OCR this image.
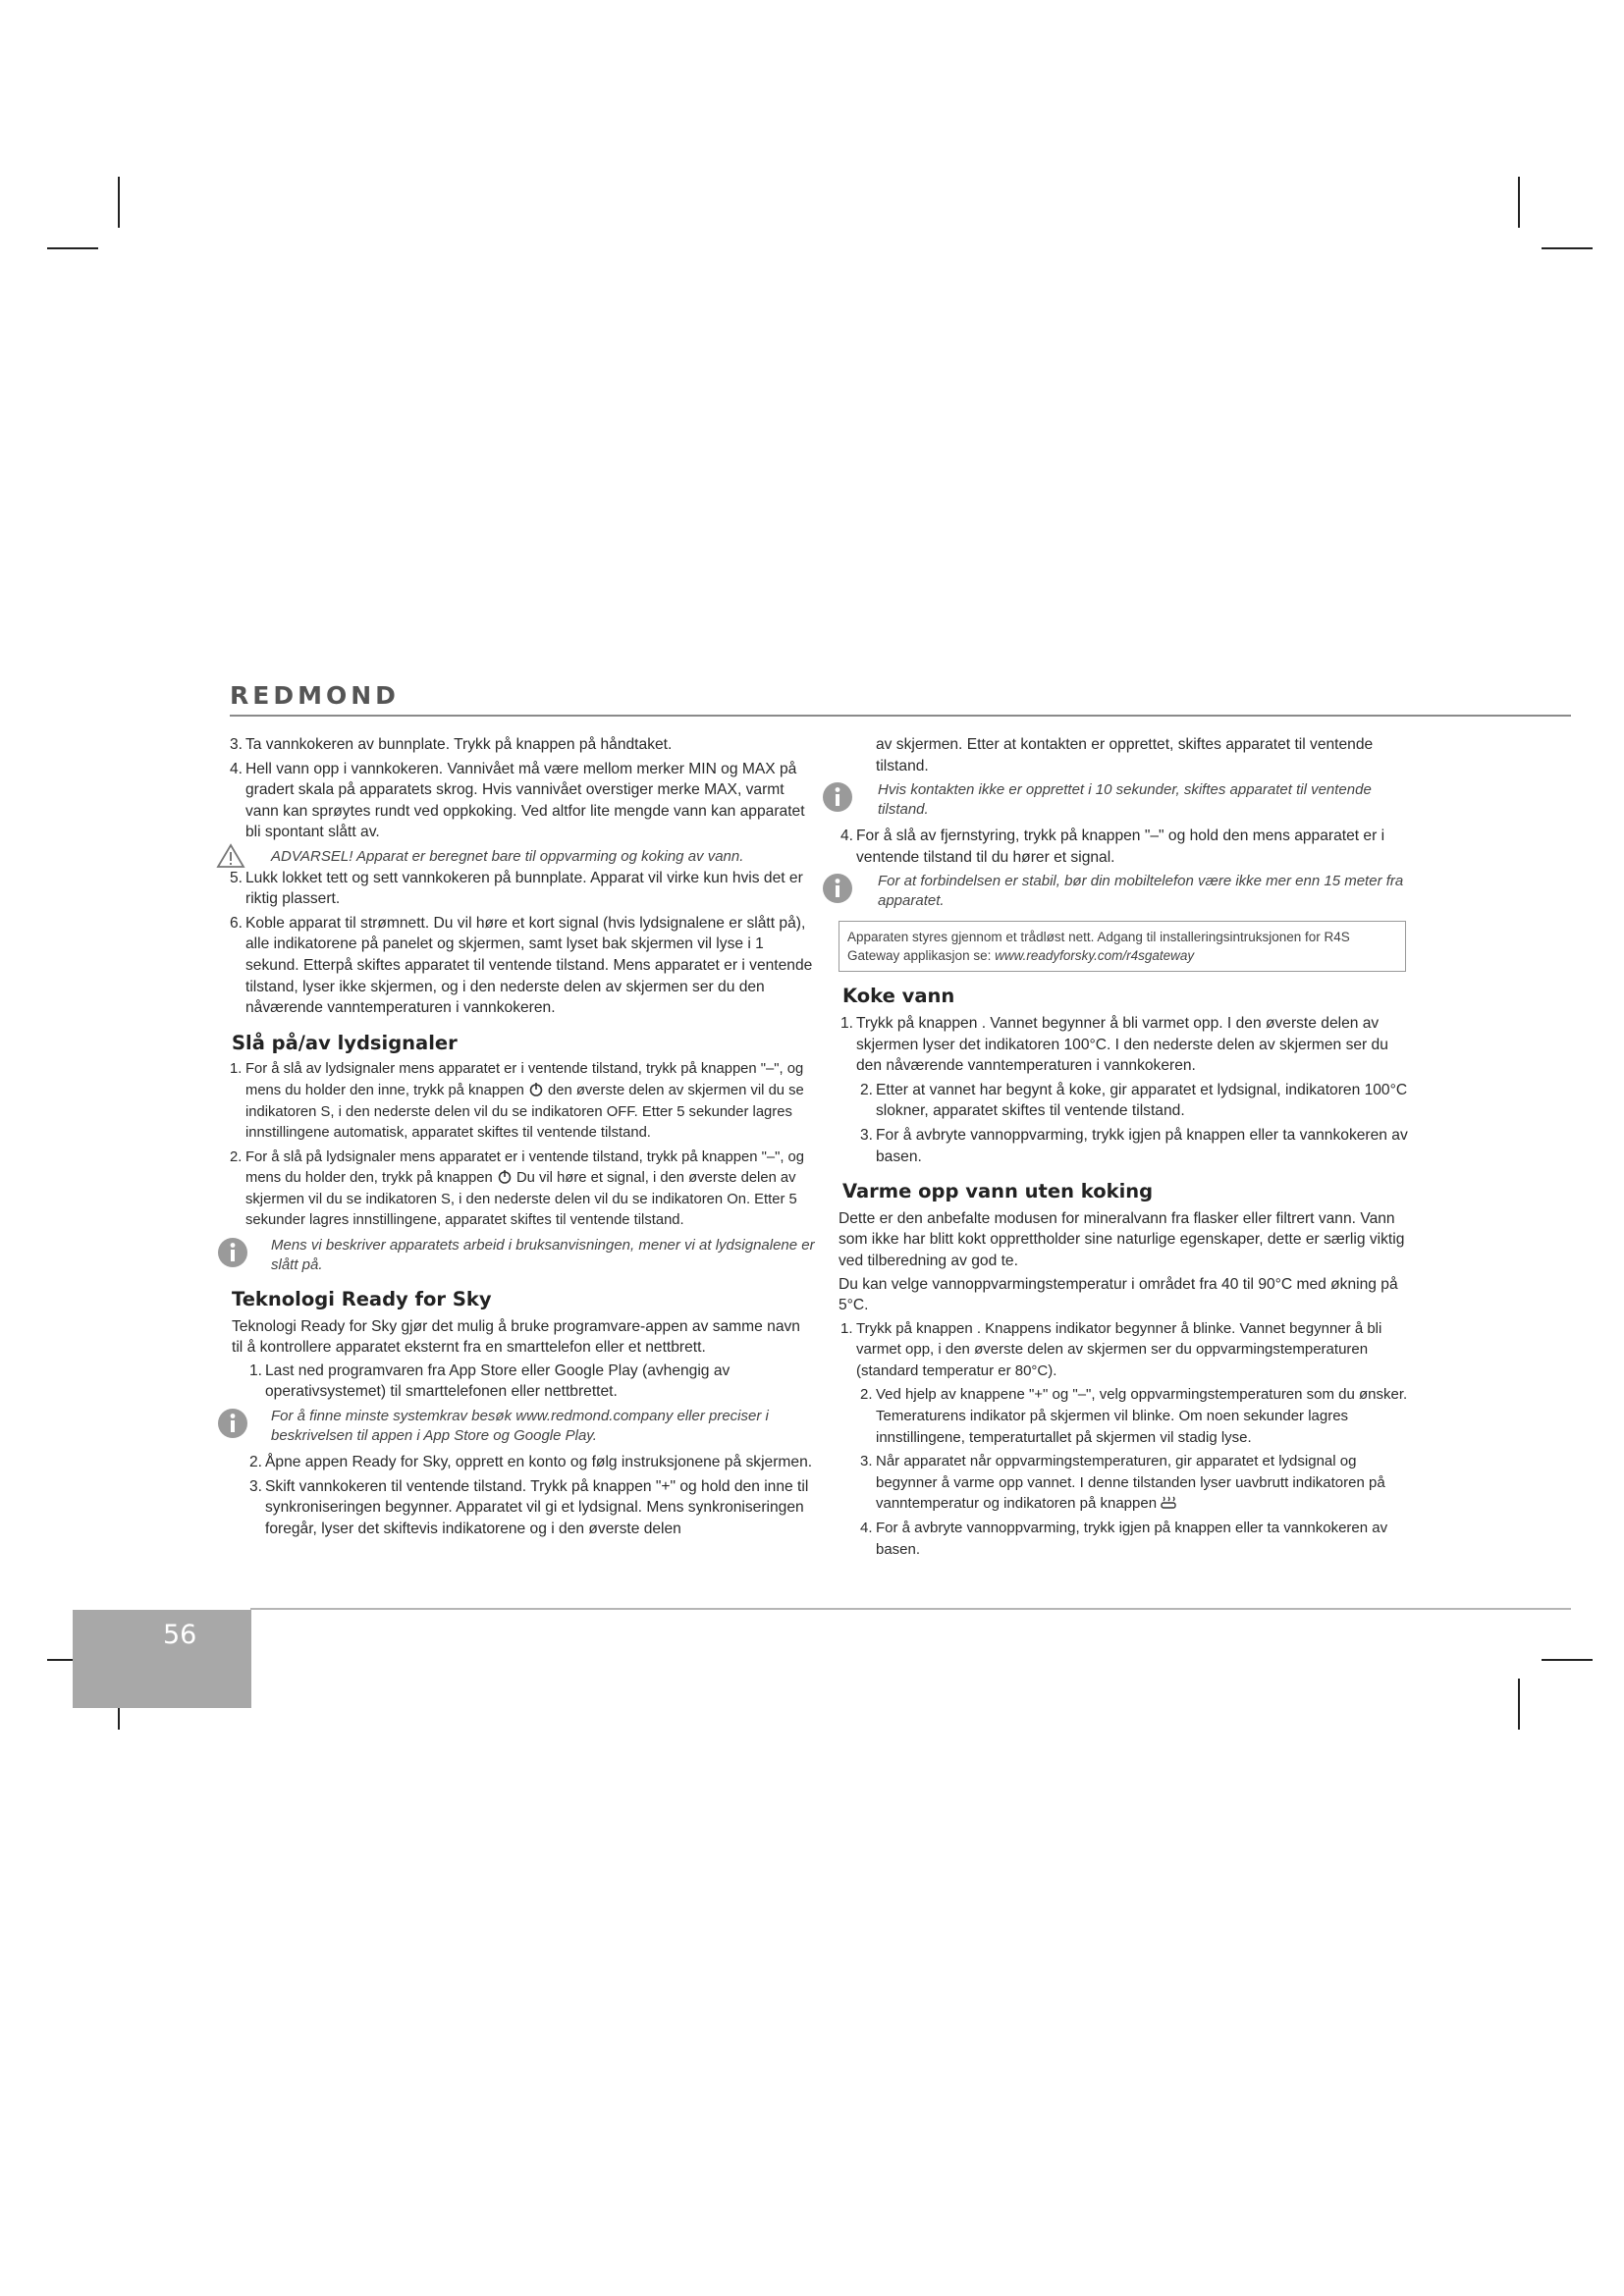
REDMOND
3. Ta vannkokeren av bunnplate. Trykk på knappen på håndtaket.
4. Hell vann opp i vannkokeren. Vannivået må være mellom merker MIN og MAX på gradert skala på apparatets skrog. Hvis vannivået overstiger merke MAX, varmt vann kan sprøytes rundt ved oppkoking. Ved altfor lite mengde vann kan apparatet bli spontant slått av.
ADVARSEL! Apparat er beregnet bare til oppvarming og koking av vann.
5. Lukk lokket tett og sett vannkokeren på bunnplate. Apparat vil virke kun hvis det er riktig plassert.
6. Koble apparat til strømnett. Du vil høre et kort signal (hvis lydsignalene er slått på), alle indikatorene på panelet og skjermen, samt lyset bak skjermen vil lyse i 1 sekund. Etterpå skiftes apparatet til ventende tilstand. Mens apparatet er i ventende tilstand, lyser ikke skjermen, og i den nederste delen av skjermen ser du den nåværende vanntemperaturen i vannkokeren.
Slå på/av lydsignaler
1. For å slå av lydsignaler mens apparatet er i ventende tilstand, trykk på knappen "–", og mens du holder den inne, trykk på knappen  den øverste delen av skjermen vil du se indikatoren S, i den nederste delen vil du se indikatoren OFF. Etter 5 sekunder lagres innstillingene automatisk, apparatet skiftes til ventende tilstand.
2. For å slå på lydsignaler mens apparatet er i ventende tilstand, trykk på knappen "–", og mens du holder den, trykk på knappen  Du vil høre et signal, i den øverste delen av skjermen vil du se indikatoren S, i den nederste delen vil du se indikatoren On. Etter 5 sekunder lagres innstillingene, apparatet skiftes til ventende tilstand.
Mens vi beskriver apparatets arbeid i bruksanvisningen, mener vi at lydsignalene er slått på.
Teknologi Ready for Sky
Teknologi Ready for Sky gjør det mulig å bruke programvare-appen av samme navn til å kontrollere apparatet eksternt fra en smarttelefon eller et nettbrett.
1. Last ned programvaren fra App Store eller Google Play (avhengig av operativsystemet) til smarttelefonen eller nettbrettet.
For å finne minste systemkrav besøk www.redmond.company eller preciser i beskrivelsen til appen i App Store og Google Play.
2. Åpne appen Ready for Sky, opprett en konto og følg instruksjonene på skjermen.
3. Skift vannkokeren til ventende tilstand. Trykk på knappen "+" og hold den inne til synkroniseringen begynner. Apparatet vil gi et lydsignal. Mens synkroniseringen foregår, lyser det skiftevis indikatorene og i den øverste delen
av skjermen. Etter at kontakten er opprettet, skiftes apparatet til ventende tilstand.
Hvis kontakten ikke er opprettet i 10 sekunder, skiftes apparatet til ventende tilstand.
4. For å slå av fjernstyring, trykk på knappen "–" og hold den mens apparatet er i ventende tilstand til du hører et signal.
For at forbindelsen er stabil, bør din mobiltelefon være ikke mer enn 15 meter fra apparatet.
Apparaten styres gjennom et trådløst nett. Adgang til installeringsintruksjonen for R4S Gateway applikasjon se: www.readyforsky.com/r4sgateway
Koke vann
1. Trykk på knappen . Vannet begynner å bli varmet opp. I den øverste delen av skjermen lyser det indikatoren 100°C. I den nederste delen av skjermen ser du den nåværende vanntemperaturen i vannkokeren.
2. Etter at vannet har begynt å koke, gir apparatet et lydsignal, indikatoren 100°C slokner, apparatet skiftes til ventende tilstand.
3. For å avbryte vannoppvarming, trykk igjen på knappen eller ta vannkokeren av basen.
Varme opp vann uten koking
Dette er den anbefalte modusen for mineralvann fra flasker eller filtrert vann. Vann som ikke har blitt kokt opprettholder sine naturlige egenskaper, dette er særlig viktig ved tilberedning av god te.
Du kan velge vannoppvarmingstemperatur i området fra 40 til 90°C med økning på 5°C.
1. Trykk på knappen . Knappens indikator begynner å blinke. Vannet begynner å bli varmet opp, i den øverste delen av skjermen ser du oppvarmingstemperaturen (standard temperatur er 80°C).
2. Ved hjelp av knappene "+" og "–", velg oppvarmingstemperaturen som du ønsker. Temeraturens indikator på skjermen vil blinke. Om noen sekunder lagres innstillingene, temperaturtallet på skjermen vil stadig lyse.
3. Når apparatet når oppvarmingstemperaturen, gir apparatet et lydsignal og begynner å varme opp vannet. I denne tilstanden lyser uavbrutt indikatoren på vanntemperatur og indikatoren på knappen
4. For å avbryte vannoppvarming, trykk igjen på knappen eller ta vannkokeren av basen.
56
